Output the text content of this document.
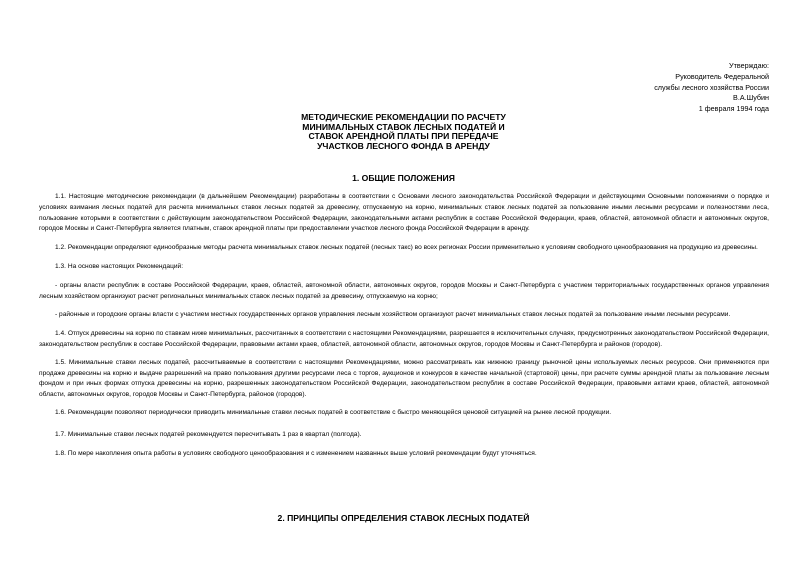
Утверждаю:
Руководитель Федеральной
службы лесного хозяйства России
В.А.Шубин
1 февраля 1994 года
МЕТОДИЧЕСКИЕ РЕКОМЕНДАЦИИ ПО РАСЧЕТУ
МИНИМАЛЬНЫХ СТАВОК ЛЕСНЫХ ПОДАТЕЙ И
СТАВОК АРЕНДНОЙ ПЛАТЫ ПРИ ПЕРЕДАЧЕ
УЧАСТКОВ ЛЕСНОГО ФОНДА В АРЕНДУ
1. ОБЩИЕ ПОЛОЖЕНИЯ

1.1. Настоящие методические рекомендации (в дальнейшем Рекомендации) разработаны в соответствии с Основами лесного законодательства Российской Федерации и действующими Основными положениями о порядке и условиях взимания лесных податей для расчета минимальных ставок лесных податей за древесину, отпускаемую на корню, минимальных ставок лесных податей за пользование иными лесными ресурсами и полезностями леса, пользование которыми в соответствии с действующим законодательством Российской Федерации, законодательными актами республик в составе Российской Федерации, краев, областей, автономной области и автономных округов, городов Москвы и Санкт-Петербурга является платным, ставок арендной платы при предоставлении участков лесного фонда Российской Федерации в аренду.

1.2. Рекомендации определяют единообразные методы расчета минимальных ставок лесных податей (лесных такс) во всех регионах России применительно к условиям свободного ценообразования на продукцию из древесины.

1.3. На основе настоящих Рекомендаций:

- органы власти республик в составе Российской Федерации, краев, областей, автономной области, автономных округов, городов Москвы и Санкт-Петербурга с участием территориальных государственных органов управления лесным хозяйством организуют расчет региональных минимальных ставок лесных податей за древесину, отпускаемую на корню;

- районные и городские органы власти с участием местных государственных органов управления лесным хозяйством организуют расчет минимальных ставок лесных податей за пользование иными лесными ресурсами.

1.4. Отпуск древесины на корню по ставкам ниже минимальных, рассчитанных в соответствии с настоящими Рекомендациями, разрешается в исключительных случаях, предусмотренных законодательством Российской Федерации, законодательством республик в составе Российской Федерации, правовыми актами краев, областей, автономной области, автономных округов, городов Москвы и Санкт-Петербурга и районов (городов).

1.5. Минимальные ставки лесных податей, рассчитываемые в соответствии с настоящими Рекомендациями, можно рассматривать как нижнюю границу рыночной цены используемых лесных ресурсов. Они применяются при продаже древесины на корню и выдаче разрешений на право пользования другими ресурсами леса с торгов, аукционов и конкурсов в качестве начальной (стартовой) цены, при расчете суммы арендной платы за пользование лесным фондом и при иных формах отпуска древесины на корню, разрешенных законодательством Российской Федерации, законодательством республик в составе Российской Федерации, правовыми актами краев, областей, автономной области, автономных округов, городов Москвы и Санкт-Петербурга, районов (городов).

1.6. Рекомендации позволяют периодически приводить минимальные ставки лесных податей в соответствие с быстро меняющейся ценовой ситуацией на рынке лесной продукции.

1.7. Минимальные ставки лесных податей рекомендуется пересчитывать 1 раз в квартал (полгода).

1.8. По мере накопления опыта работы в условиях свободного ценообразования и с изменением названных выше условий рекомендации будут уточняться.

2. ПРИНЦИПЫ ОПРЕДЕЛЕНИЯ СТАВОК ЛЕСНЫХ ПОДАТЕЙ
